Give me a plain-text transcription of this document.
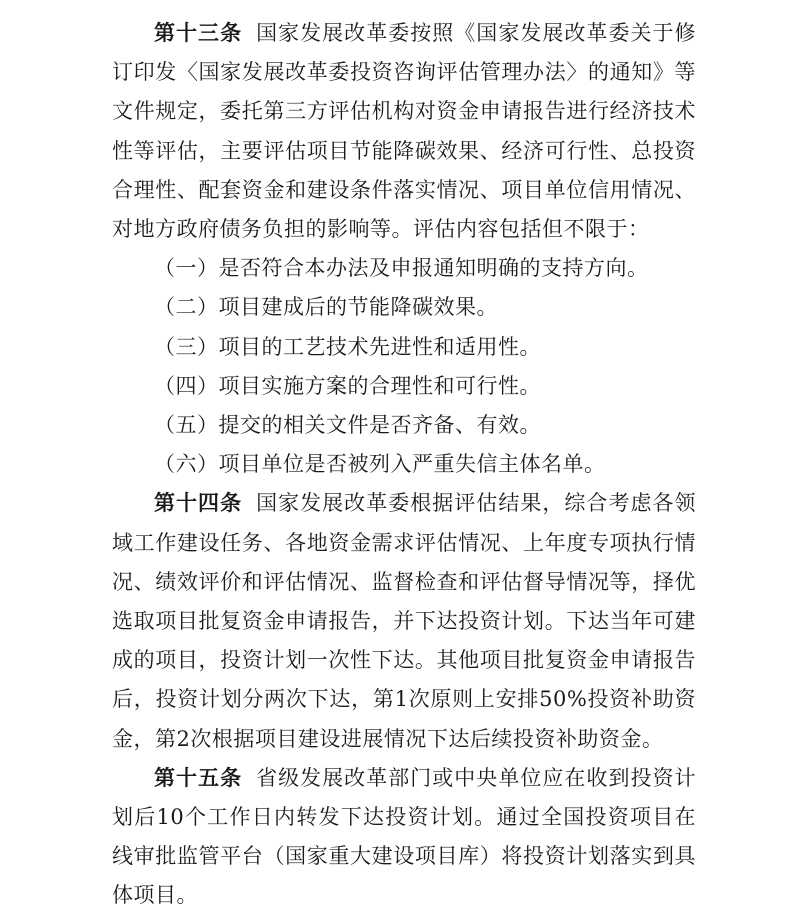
第十三条 国家发展改革委按照《国家发展改革委关于修订印发〈国家发展改革委投资咨询评估管理办法〉的通知》等文件规定，委托第三方评估机构对资金申请报告进行经济技术性等评估，主要评估项目节能降碳效果、经济可行性、总投资合理性、配套资金和建设条件落实情况、项目单位信用情况、对地方政府债务负担的影响等。评估内容包括但不限于：

（一）是否符合本办法及申报通知明确的支持方向。

（二）项目建成后的节能降碳效果。

（三）项目的工艺技术先进性和适用性。

（四）项目实施方案的合理性和可行性。

（五）提交的相关文件是否齐备、有效。

（六）项目单位是否被列入严重失信主体名单。

第十四条 国家发展改革委根据评估结果，综合考虑各领域工作建设任务、各地资金需求评估情况、上年度专项执行情况、绩效评价和评估情况、监督检查和评估督导情况等，择优选取项目批复资金申请报告，并下达投资计划。下达当年可建成的项目，投资计划一次性下达。其他项目批复资金申请报告后，投资计划分两次下达，第1次原则上安排50%投资补助资金，第2次根据项目建设进展情况下达后续投资补助资金。

第十五条 省级发展改革部门或中央单位应在收到投资计划后10个工作日内转发下达投资计划。通过全国投资项目在线审批监管平台（国家重大建设项目库）将投资计划落实到具体项目。
